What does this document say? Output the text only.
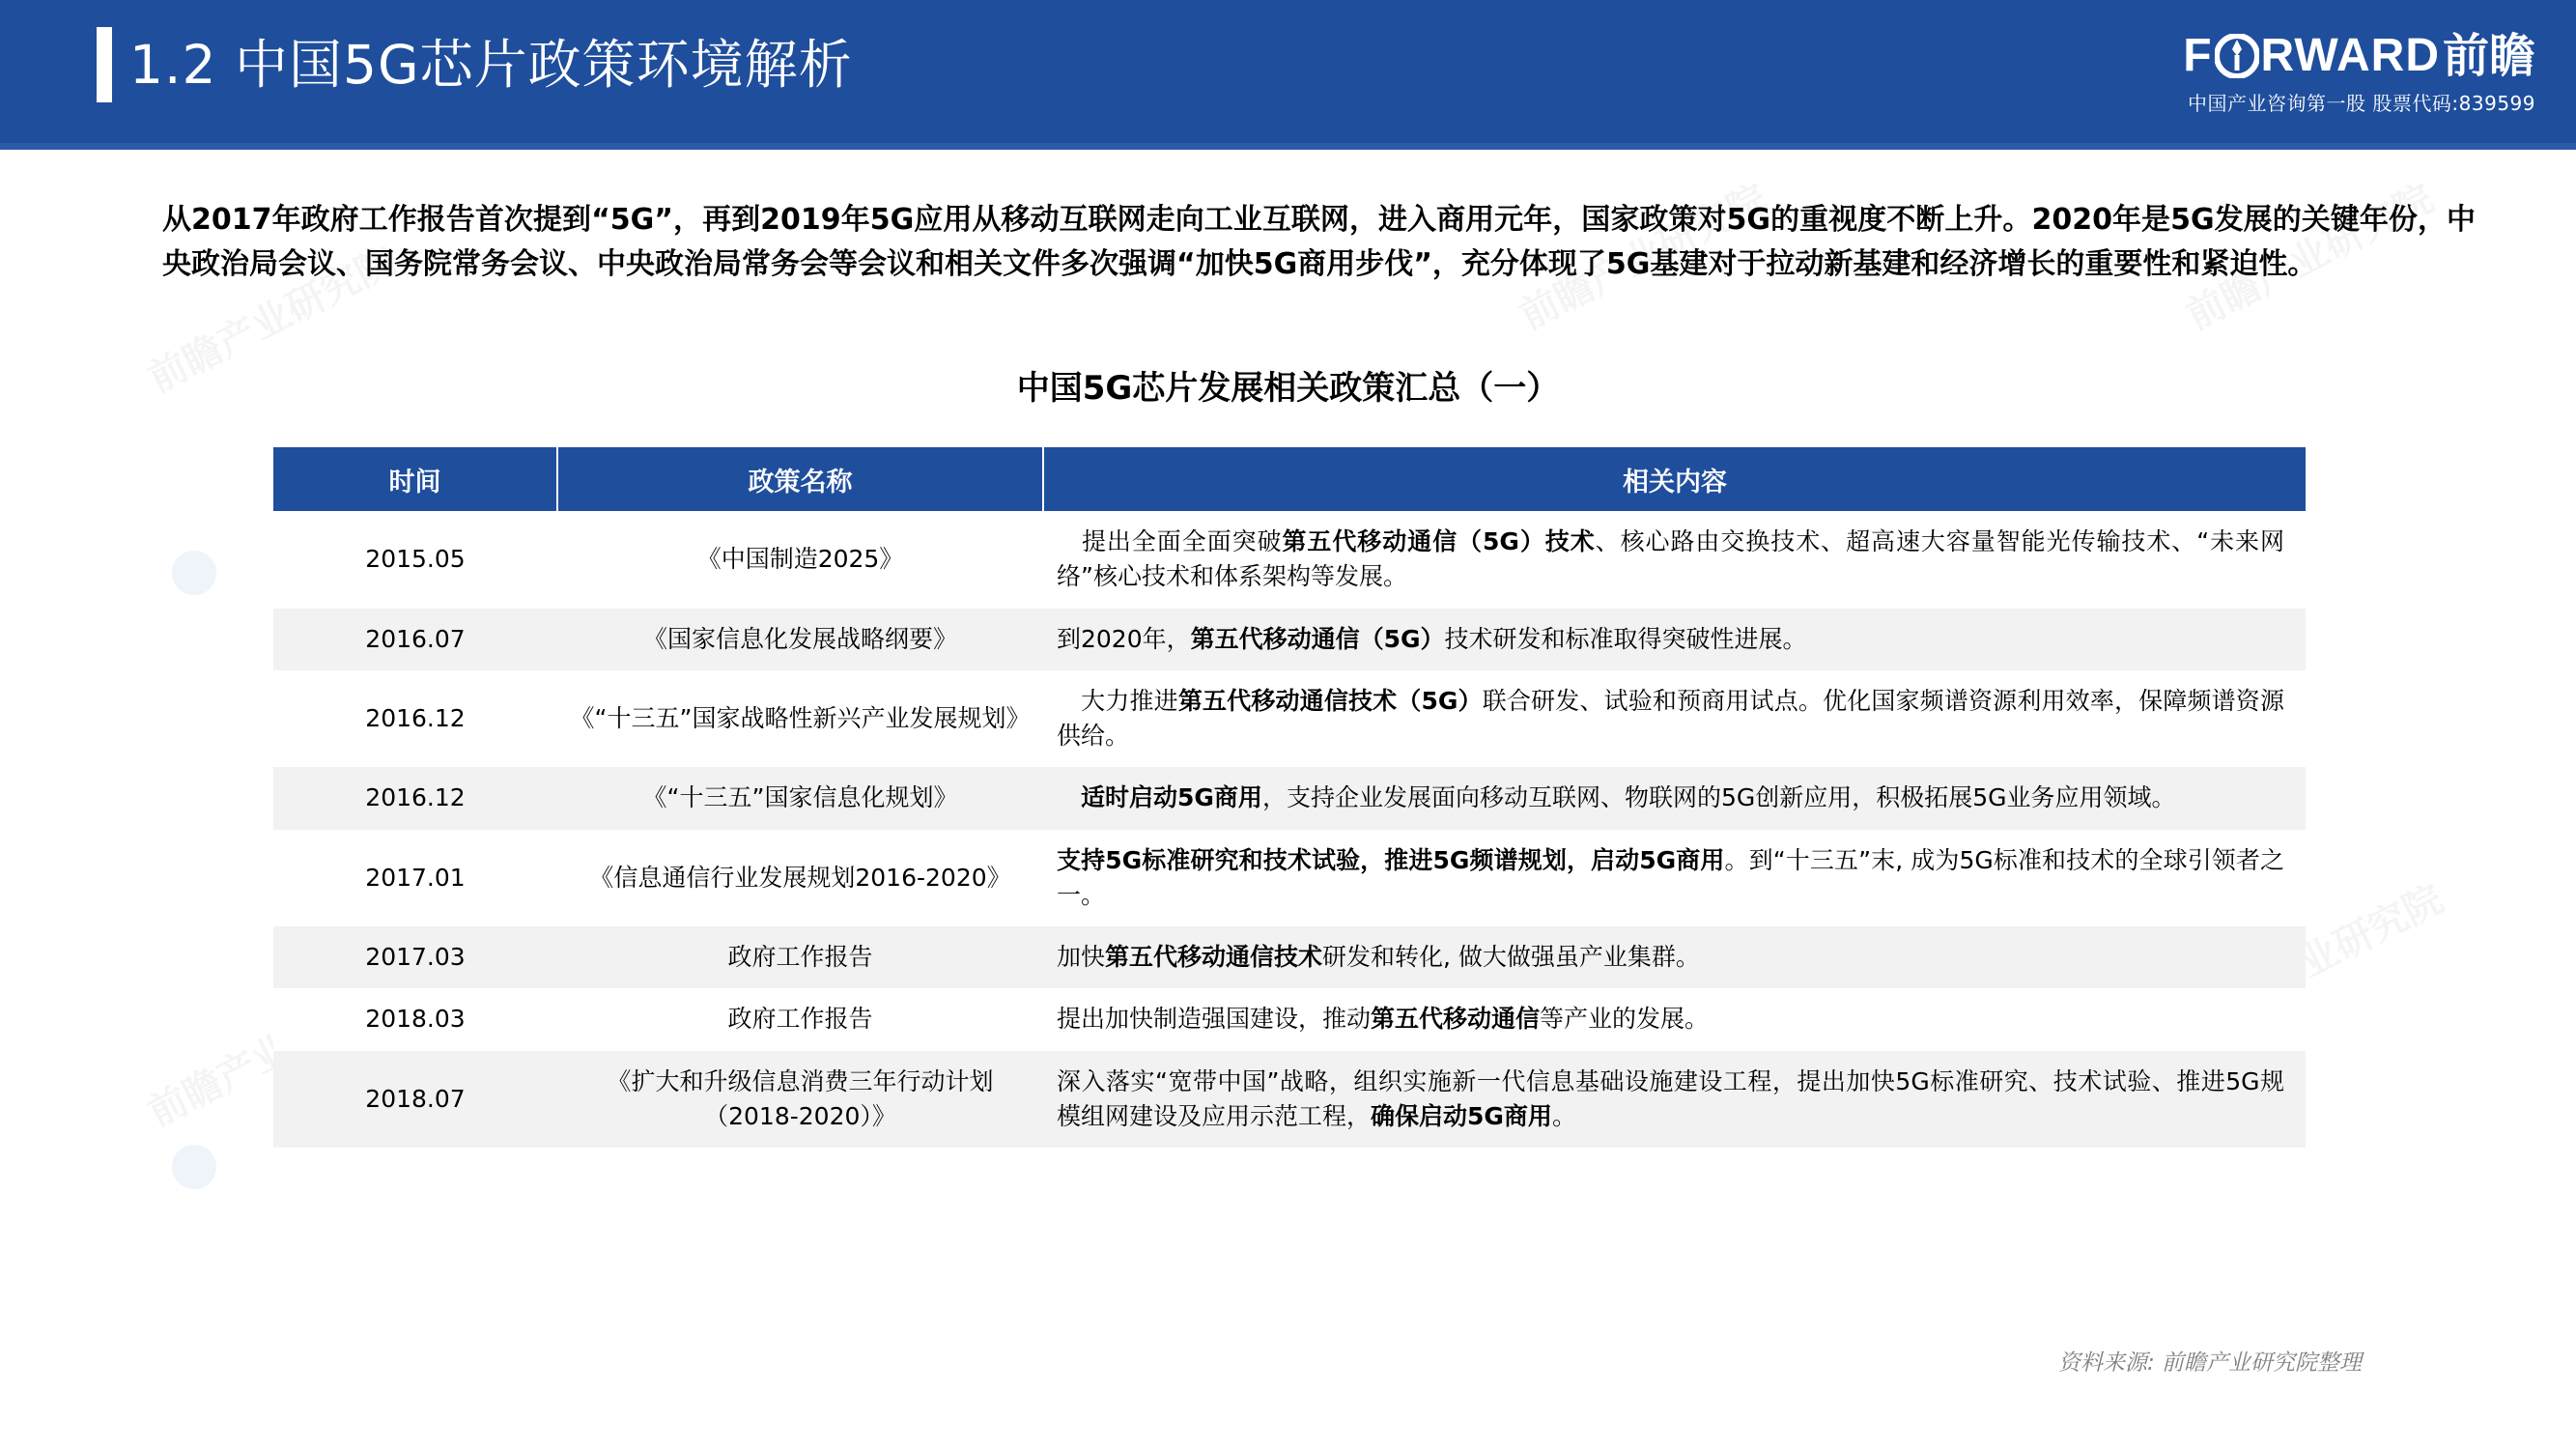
1.2 中国5G芯片政策环境解析	F RWARD 前瞻
中国产业咨询第一股 股票代码:839599
从2017年政府工作报告首次提到“5G”，再到2019年5G应用从移动互联网走向工业互联网，进入商用元年，国家政策对5G的重视度不断上升。2020年是5G发展的关键年份，中央政治局会议、国务院常务会议、中央政治局常务会等会议和相关文件多次强调“加快5G商用步伐”，充分体现了5G基建对于拉动新基建和经济增长的重要性和紧迫性。
中国5G芯片发展相关政策汇总（一）
时间	政策名称	相关内容
2015.05	《中国制造2025》	　提出全面全面突破第五代移动通信（5G）技术、核心路由交换技术、超高速大容量智能光传输技术、“未来网络”核心技术和体系架构等发展。
2016.07	《国家信息化发展战略纲要》	到2020年，第五代移动通信（5G）技术研发和标准取得突破性进展。
2016.12	《“十三五”国家战略性新兴产业发展规划》	　大力推进第五代移动通信技术（5G）联合研发、试验和预商用试点。优化国家频谱资源利用效率，保障频谱资源供给。
2016.12	《“十三五”国家信息化规划》	　适时启动5G商用，支持企业发展面向移动互联网、物联网的5G创新应用，积极拓展5G业务应用领域。
2017.01	《信息通信行业发展规划2016-2020》	支持5G标准研究和技术试验，推进5G频谱规划，启动5G商用。到“十三五”末, 成为5G标准和技术的全球引领者之一。
2017.03	政府工作报告	加快第五代移动通信技术研发和转化, 做大做强虽产业集群。
2018.03	政府工作报告	提出加快制造强国建设，推动第五代移动通信等产业的发展。
2018.07	《扩大和升级信息消费三年行动计划（2018-2020）》	深入落实“宽带中国”战略，组织实施新一代信息基础设施建设工程，提出加快5G标准研究、技术试验、推进5G规模组网建设及应用示范工程，确保启动5G商用。
资料来源: 前瞻产业研究院整理
